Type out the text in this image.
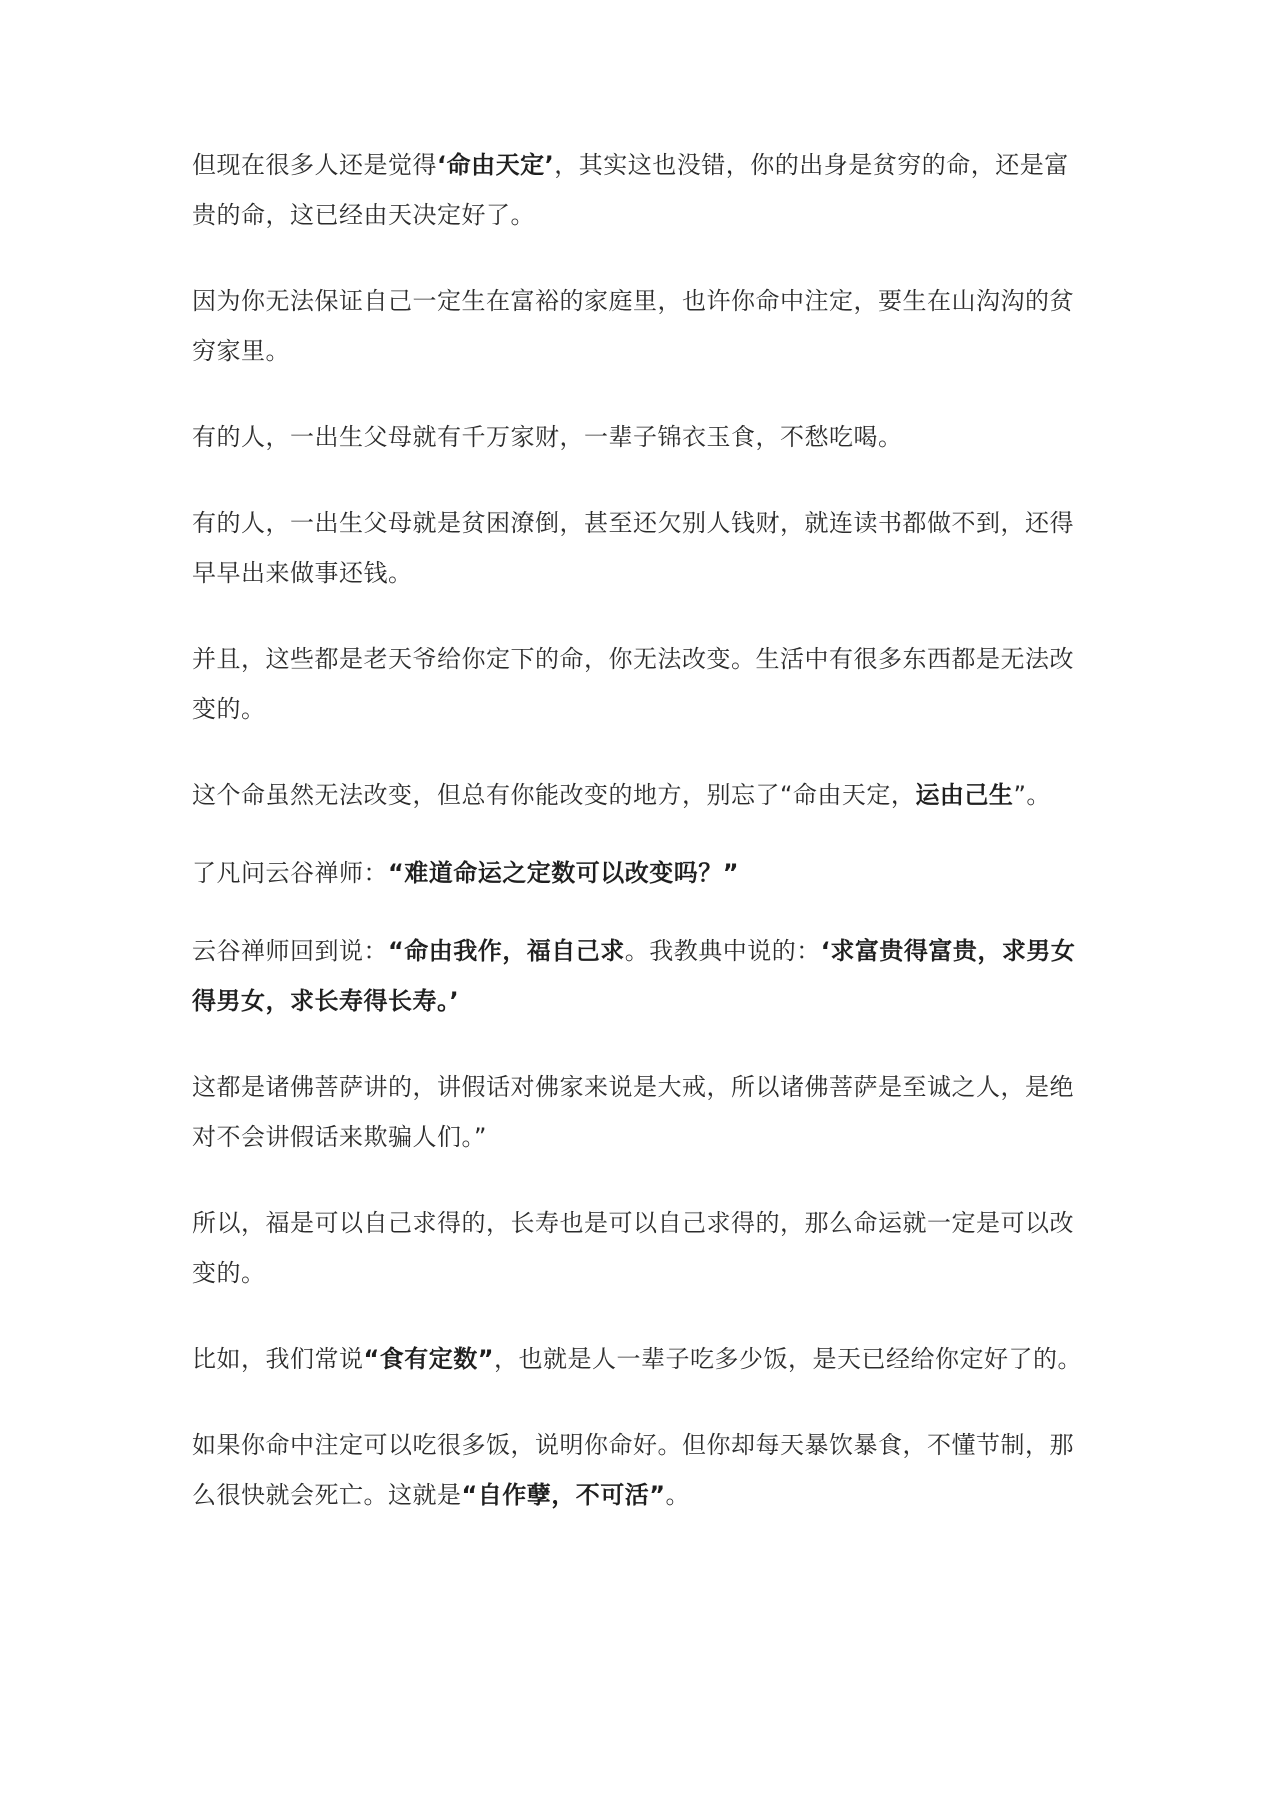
但现在很多人还是觉得‘命由天定’，其实这也没错，你的出身是贫穷的命，还是富贵的命，这已经由天决定好了。

因为你无法保证自己一定生在富裕的家庭里，也许你命中注定，要生在山沟沟的贫穷家里。

有的人，一出生父母就有千万家财，一辈子锦衣玉食，不愁吃喝。

有的人，一出生父母就是贫困潦倒，甚至还欠别人钱财，就连读书都做不到，还得早早出来做事还钱。

并且，这些都是老天爷给你定下的命，你无法改变。生活中有很多东西都是无法改变的。

这个命虽然无法改变，但总有你能改变的地方，别忘了“命由天定，运由己生”。

了凡问云谷禅师：“难道命运之定数可以改变吗？”

云谷禅师回到说：“命由我作，福自己求。我教典中说的：‘求富贵得富贵，求男女得男女，求长寿得长寿。’

这都是诸佛菩萨讲的，讲假话对佛家来说是大戒，所以诸佛菩萨是至诚之人，是绝对不会讲假话来欺骗人们。”

所以，福是可以自己求得的，长寿也是可以自己求得的，那么命运就一定是可以改变的。

比如，我们常说“食有定数”，也就是人一辈子吃多少饭，是天已经给你定好了的。

如果你命中注定可以吃很多饭，说明你命好。但你却每天暴饮暴食，不懂节制，那么很快就会死亡。这就是“自作孽，不可活”。
